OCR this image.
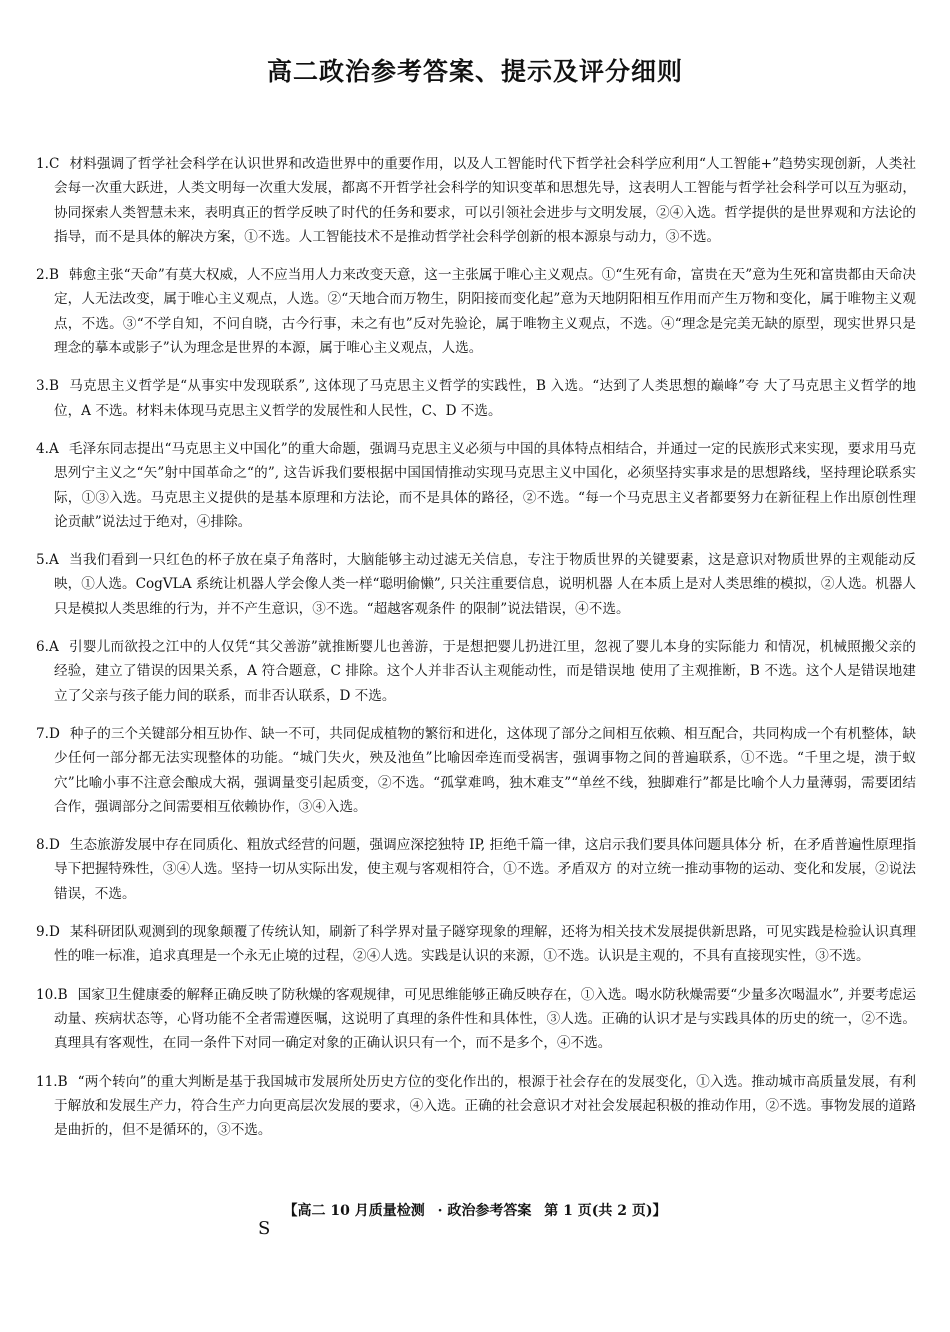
高二政治参考答案、提示及评分细则

1.C 材料强调了哲学社会科学在认识世界和改造世界中的重要作用，以及人工智能时代下哲学社会科学应利用“人工智能+”趋势实现创新，人类社会每一次重大跃进，人类文明每一次重大发展，都离不开哲学社会科学的知识变革和思想先导，这表明人工智能与哲学社会科学可以互为驱动，协同探索人类智慧未来，表明真正的哲学反映了时代的任务和要求，可以引领社会进步与文明发展，②④入选。哲学提供的是世界观和方法论的指导，而不是具体的解决方案，①不选。人工智能技术不是推动哲学社会科学创新的根本源泉与动力，③不选。

2.B 韩愈主张“天命”有莫大权威，人不应当用人力来改变天意，这一主张属于唯心主义观点。①“生死有命，富贵在天”意为生死和富贵都由天命决定，人无法改变，属于唯心主义观点，人选。②“天地合而万物生，阴阳接而变化起”意为天地阴阳相互作用而产生万物和变化，属于唯物主义观点，不选。③“不学自知，不问自晓，古今行事，未之有也”反对先验论，属于唯物主义观点，不选。④“理念是完美无缺的原型，现实世界只是理念的摹本或影子”认为理念是世界的本源，属于唯心主义观点，人选。

3.B 马克思主义哲学是“从事实中发现联系”, 这体现了马克思主义哲学的实践性，B 入选。“达到了人类思想的巅峰”夸 大了马克思主义哲学的地位，A 不选。材料未体现马克思主义哲学的发展性和人民性，C、D 不选。

4.A 毛泽东同志提出“马克思主义中国化”的重大命题，强调马克思主义必须与中国的具体特点相结合，并通过一定的民族形式来实现，要求用马克思列宁主义之“矢”射中国革命之“的”, 这告诉我们要根据中国国情推动实现马克思主义中国化，必须坚持实事求是的思想路线，坚持理论联系实际，①③入选。马克思主义提供的是基本原理和方法论，而不是具体的路径，②不选。“每一个马克思主义者都要努力在新征程上作出原创性理论贡献”说法过于绝对，④排除。

5.A 当我们看到一只红色的杯子放在桌子角落时，大脑能够主动过滤无关信息，专注于物质世界的关键要素，这是意识对物质世界的主观能动反映，①人选。CogVLA 系统让机器人学会像人类一样“聪明偷懒”, 只关注重要信息，说明机器 人在本质上是对人类思维的模拟，②人选。机器人只是模拟人类思维的行为，并不产生意识，③不选。“超越客观条件 的限制”说法错误，④不选。

6.A 引婴儿而欲投之江中的人仅凭“其父善游”就推断婴儿也善游，于是想把婴儿扔进江里，忽视了婴儿本身的实际能力 和情况，机械照搬父亲的经验，建立了错误的因果关系，A 符合题意，C 排除。这个人并非否认主观能动性，而是错误地 使用了主观推断，B 不选。这个人是错误地建立了父亲与孩子能力间的联系，而非否认联系，D 不选。

7.D 种子的三个关键部分相互协作、缺一不可，共同促成植物的繁衍和进化，这体现了部分之间相互依赖、相互配合，共同构成一个有机整体，缺少任何一部分都无法实现整体的功能。“城门失火，殃及池鱼”比喻因牵连而受祸害，强调事物之间的普遍联系，①不选。“千里之堤，溃于蚁穴”比喻小事不注意会酿成大祸，强调量变引起质变，②不选。“孤掌难鸣，独木难支”“单丝不线，独脚难行”都是比喻个人力量薄弱，需要团结合作，强调部分之间需要相互依赖协作，③④入选。

8.D 生态旅游发展中存在同质化、粗放式经营的问题，强调应深挖独特 IP, 拒绝千篇一律，这启示我们要具体问题具体分 析，在矛盾普遍性原理指导下把握特殊性，③④人选。坚持一切从实际出发，使主观与客观相符合，①不选。矛盾双方 的对立统一推动事物的运动、变化和发展，②说法错误，不选。

9.D 某科研团队观测到的现象颠覆了传统认知，刷新了科学界对量子隧穿现象的理解，还将为相关技术发展提供新思路，可见实践是检验认识真理性的唯一标准，追求真理是一个永无止境的过程，②④人选。实践是认识的来源，①不选。认识是主观的，不具有直接现实性，③不选。

10.B 国家卫生健康委的解释正确反映了防秋燥的客观规律，可见思维能够正确反映存在，①入选。喝水防秋燥需要“少量多次喝温水”, 并要考虑运动量、疾病状态等，心肾功能不全者需遵医嘱，这说明了真理的条件性和具体性，③人选。正确的认识才是与实践具体的历史的统一，②不选。真理具有客观性，在同一条件下对同一确定对象的正确认识只有一个，而不是多个，④不选。

11.B “两个转向”的重大判断是基于我国城市发展所处历史方位的变化作出的，根源于社会存在的发展变化，①入选。推动城市高质量发展，有利于解放和发展生产力，符合生产力向更高层次发展的要求，④入选。正确的社会意识才对社会发展起积极的推动作用，②不选。事物发展的道路是曲折的，但不是循环的，③不选。

【高二 10 月质量检测 · 政治参考答案 第 1 页(共 2 页)】
S
